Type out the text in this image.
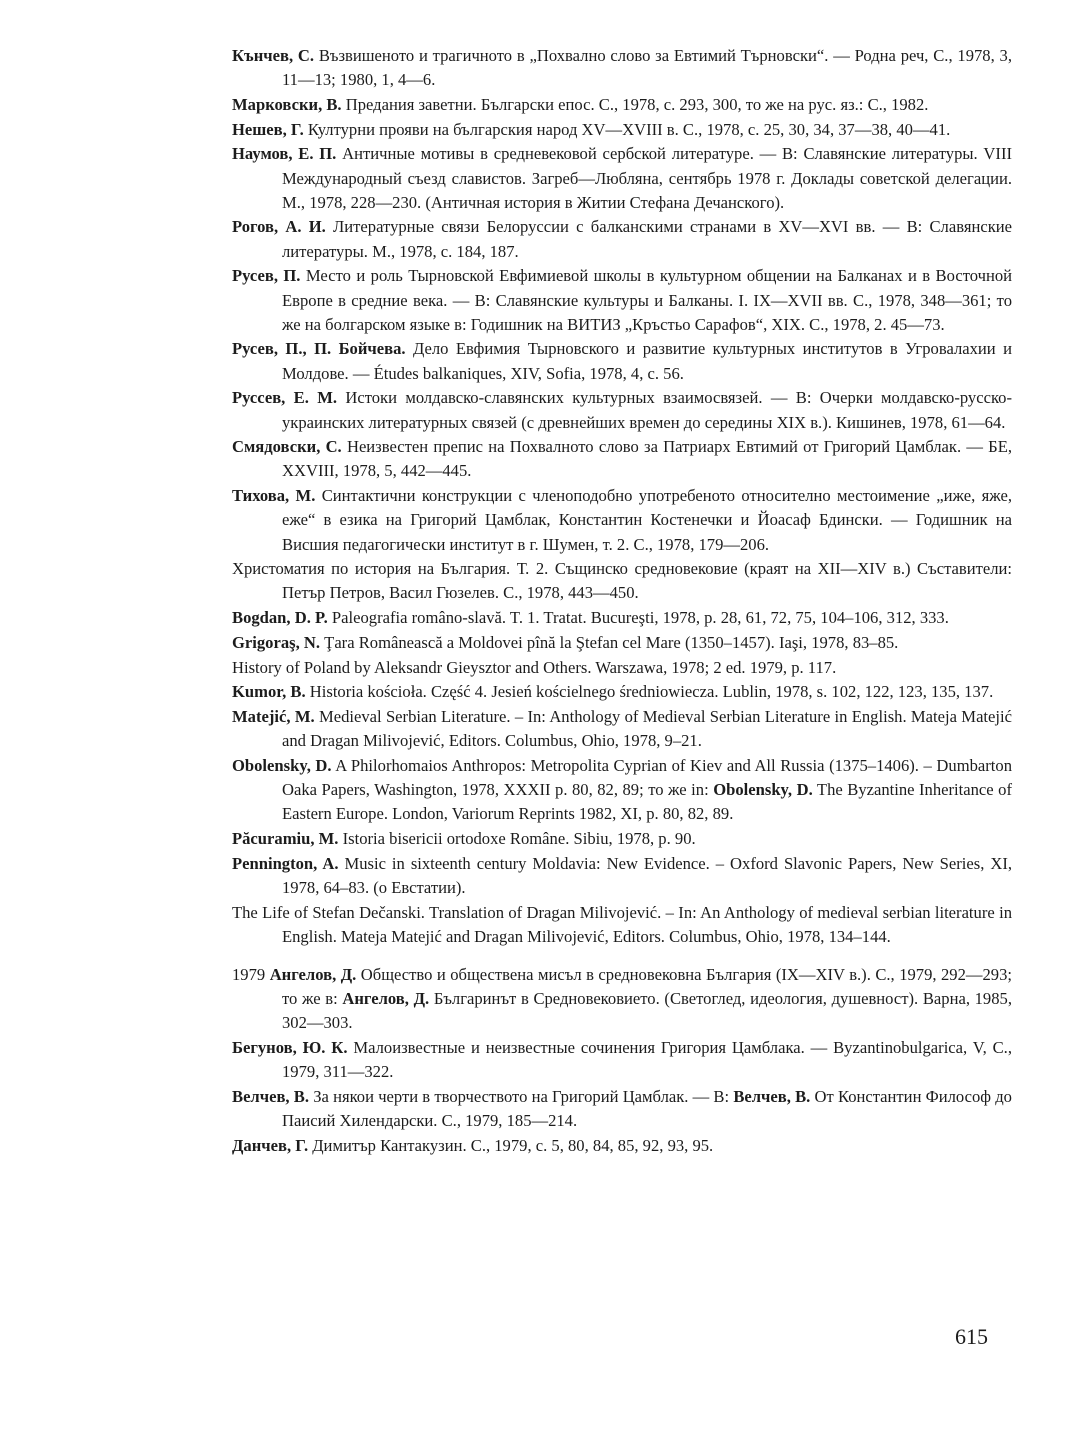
Кънчев, С. Възвишеното и трагичното в „Похвално слово за Евтимий Търновски“. — Родна реч, С., 1978, 3, 11—13; 1980, 1, 4—6.

Марковски, В. Предания заветни. Български епос. С., 1978, с. 293, 300, то же на рус. яз.: С., 1982.

Нешев, Г. Културни прояви на българския народ XV—XVIII в. С., 1978, с. 25, 30, 34, 37—38, 40—41.

Наумов, Е. П. Античные мотивы в средневековой сербской литературе. — В: Славянские литературы. VIII Международный съезд славистов. Загреб—Любляна, сентябрь 1978 г. Доклады советской делегации. М., 1978, 228—230. (Античная история в Житии Стефана Дечанского).

Рогов, А. И. Литературные связи Белоруссии с балканскими странами в XV—XVI вв. — В: Славянские литературы. М., 1978, с. 184, 187.

Русев, П. Место и роль Тырновской Евфимиевой школы в культурном общении на Балканах и в Восточной Европе в средние века. — В: Славянские культуры и Балканы. I. IX—XVII вв. С., 1978, 348—361; то же на болгарском языке в: Годишник на ВИТИЗ „Кръстьо Сарафов“, XIX. С., 1978, 2. 45—73.

Русев, П., П. Бойчева. Дело Евфимия Тырновского и развитие культурных институтов в Угровалахии и Молдове. — Études balkaniques, XIV, Sofia, 1978, 4, с. 56.

Руссев, Е. М. Истоки молдавско-славянских культурных взаимосвязей. — В: Очерки молдавско-русско-украинских литературных связей (с древнейших времен до середины XIX в.). Кишинев, 1978, 61—64.

Смядовски, С. Неизвестен препис на Похвалното слово за Патриарх Евтимий от Григорий Цамблак. — БЕ, XXVIII, 1978, 5, 442—445.

Тихова, М. Синтактични конструкции с членоподобно употребеното относително местоимение „иже, яже, еже“ в езика на Григорий Цамблак, Константин Костенечки и Йоасаф Бдински. — Годишник на Висшия педагогически институт в г. Шумен, т. 2. С., 1978, 179—206.

Христоматия по история на България. Т. 2. Същинско средновековие (краят на XII—XIV в.) Съставители: Петър Петров, Васил Гюзелев. С., 1978, 443—450.

Bogdan, D. P. Paleografia româno-slavă. T. 1. Tratat. Bucureşti, 1978, p. 28, 61, 72, 75, 104–106, 312, 333.

Grigoraş, N. Ţara Românească a Moldovei pînă la Ştefan cel Mare (1350–1457). Iaşi, 1978, 83–85.

History of Poland by Aleksandr Gieysztor and Others. Warszawa, 1978; 2 ed. 1979, p. 117.

Kumor, B. Historia kościoła. Część 4. Jesień kościelnego średniowiecza. Lublin, 1978, s. 102, 122, 123, 135, 137.

Matejić, M. Medieval Serbian Literature. – In: Anthology of Medieval Serbian Literature in English. Mateja Matejić and Dragan Milivojević, Editors. Columbus, Ohio, 1978, 9–21.

Obolensky, D. A Philorhomaios Anthropos: Metropolita Cyprian of Kiev and All Russia (1375–1406). – Dumbarton Oaka Papers, Washington, 1978, XXXII p. 80, 82, 89; то же in: Obolensky, D. The Byzantine Inheritance of Eastern Europe. London, Variorum Reprints 1982, XI, p. 80, 82, 89.

Păcuramiu, M. Istoria bisericii ortodoxe Române. Sibiu, 1978, p. 90.

Pennington, A. Music in sixteenth century Moldavia: New Evidence. – Oxford Slavonic Papers, New Series, XI, 1978, 64–83. (о Евстатии).

The Life of Stefan Dečanski. Translation of Dragan Milivojević. – In: An Anthology of medieval serbian literature in English. Mateja Matejić and Dragan Milivojević, Editors. Columbus, Ohio, 1978, 134–144.

1979 Ангелов, Д. Общество и обществена мисъл в средновековна България (IX—XIV в.). С., 1979, 292—293; то же в: Ангелов, Д. Българинът в Средновековието. (Светоглед, идеология, душевност). Варна, 1985, 302—303.

Бегунов, Ю. К. Малоизвестные и неизвестные сочинения Григория Цамблака. — Byzantinobulgarica, V, С., 1979, 311—322.

Велчев, В. За някои черти в творчеството на Григорий Цамблак. — В: Велчев, В. От Константин Философ до Паисий Хилендарски. С., 1979, 185—214.

Данчев, Г. Димитър Кантакузин. С., 1979, с. 5, 80, 84, 85, 92, 93, 95.

615
